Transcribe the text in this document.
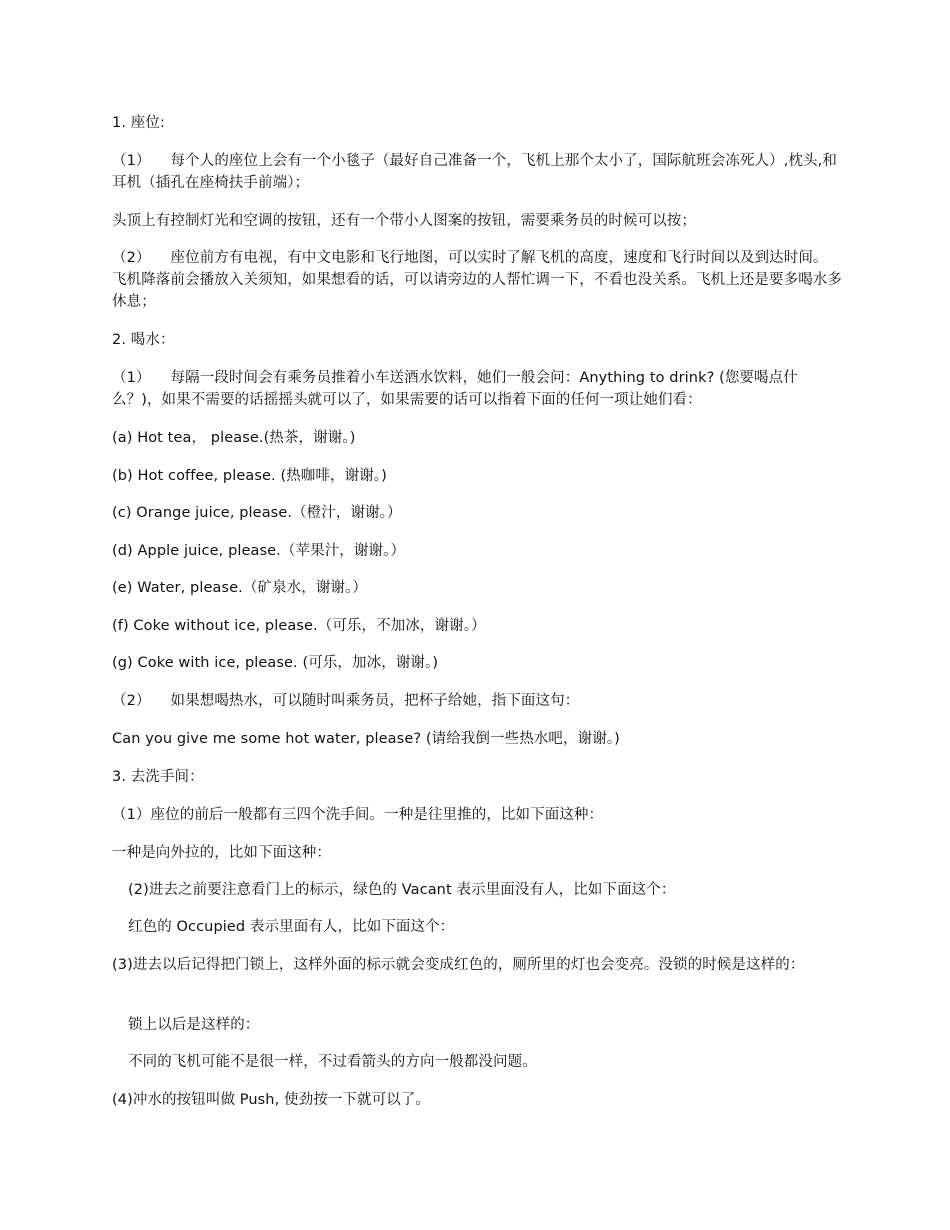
1. 座位:
（1） 每个人的座位上会有一个小毯子（最好自己准备一个，飞机上那个太小了，国际航班会冻死人）,枕头,和耳机（插孔在座椅扶手前端）；
头顶上有控制灯光和空调的按钮，还有一个带小人图案的按钮，需要乘务员的时候可以按；
（2） 座位前方有电视，有中文电影和飞行地图，可以实时了解飞机的高度，速度和飞行时间以及到达时间。飞机降落前会播放入关须知，如果想看的话，可以请旁边的人帮忙调一下，不看也没关系。飞机上还是要多喝水多休息；
2. 喝水：
（1） 每隔一段时间会有乘务员推着小车送酒水饮料，她们一般会问：Anything to drink? (您要喝点什么？)，如果不需要的话摇摇头就可以了，如果需要的话可以指着下面的任何一项让她们看：
(a) Hot tea， please.(热茶，谢谢。)
(b) Hot coffee, please. (热咖啡，谢谢。)
(c) Orange juice, please.（橙汁，谢谢。）
(d) Apple juice, please.（苹果汁，谢谢。）
(e) Water, please.（矿泉水，谢谢。）
(f) Coke without ice, please.（可乐，不加冰，谢谢。）
(g) Coke with ice, please. (可乐，加冰，谢谢。)
（2） 如果想喝热水，可以随时叫乘务员，把杯子给她，指下面这句：
Can you give me some hot water, please? (请给我倒一些热水吧，谢谢。)
3. 去洗手间：
（1）座位的前后一般都有三四个洗手间。一种是往里推的，比如下面这种：
一种是向外拉的，比如下面这种：
(2)进去之前要注意看门上的标示，绿色的 Vacant 表示里面没有人，比如下面这个：
红色的 Occupied 表示里面有人，比如下面这个：
(3)进去以后记得把门锁上，这样外面的标示就会变成红色的，厕所里的灯也会变亮。没锁的时候是这样的：
锁上以后是这样的：
不同的飞机可能不是很一样，不过看箭头的方向一般都没问题。
(4)冲水的按钮叫做 Push, 使劲按一下就可以了。
